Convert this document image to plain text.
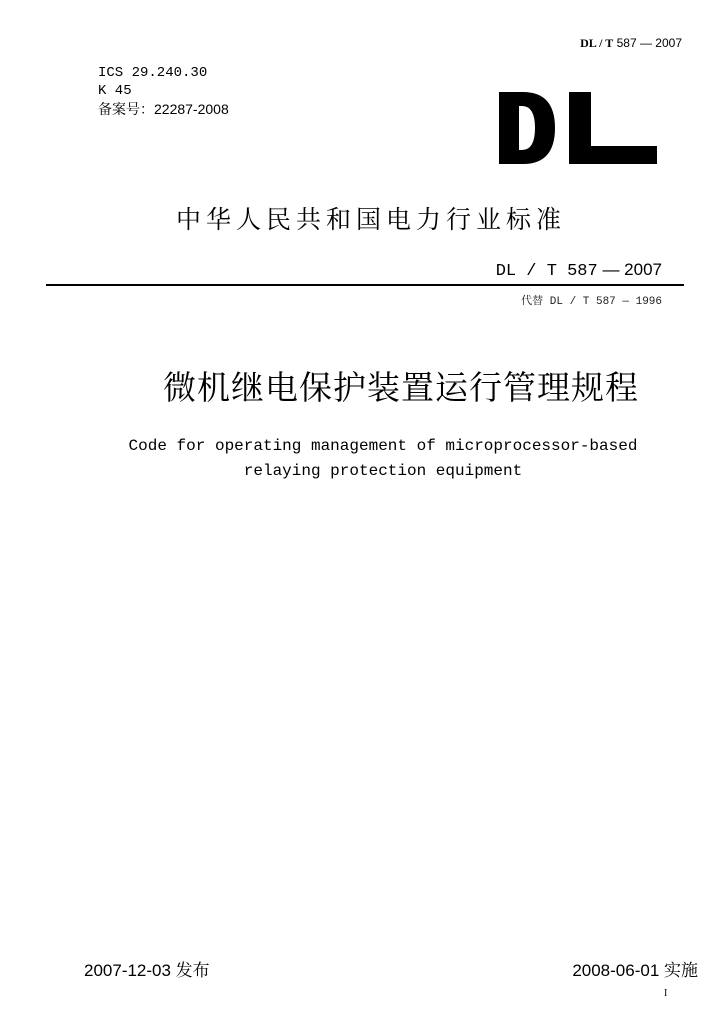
DL / T 587 — 2007
ICS 29.240.30
K 45
备案号：22287-2008
中华人民共和国电力行业标准
DL / T 587 — 2007
代替 DL / T 587 — 1996
微机继电保护装置运行管理规程
Code for operating management of microprocessor-based
relaying protection equipment
2007-12-03 发布	2008-06-01 实施
I
